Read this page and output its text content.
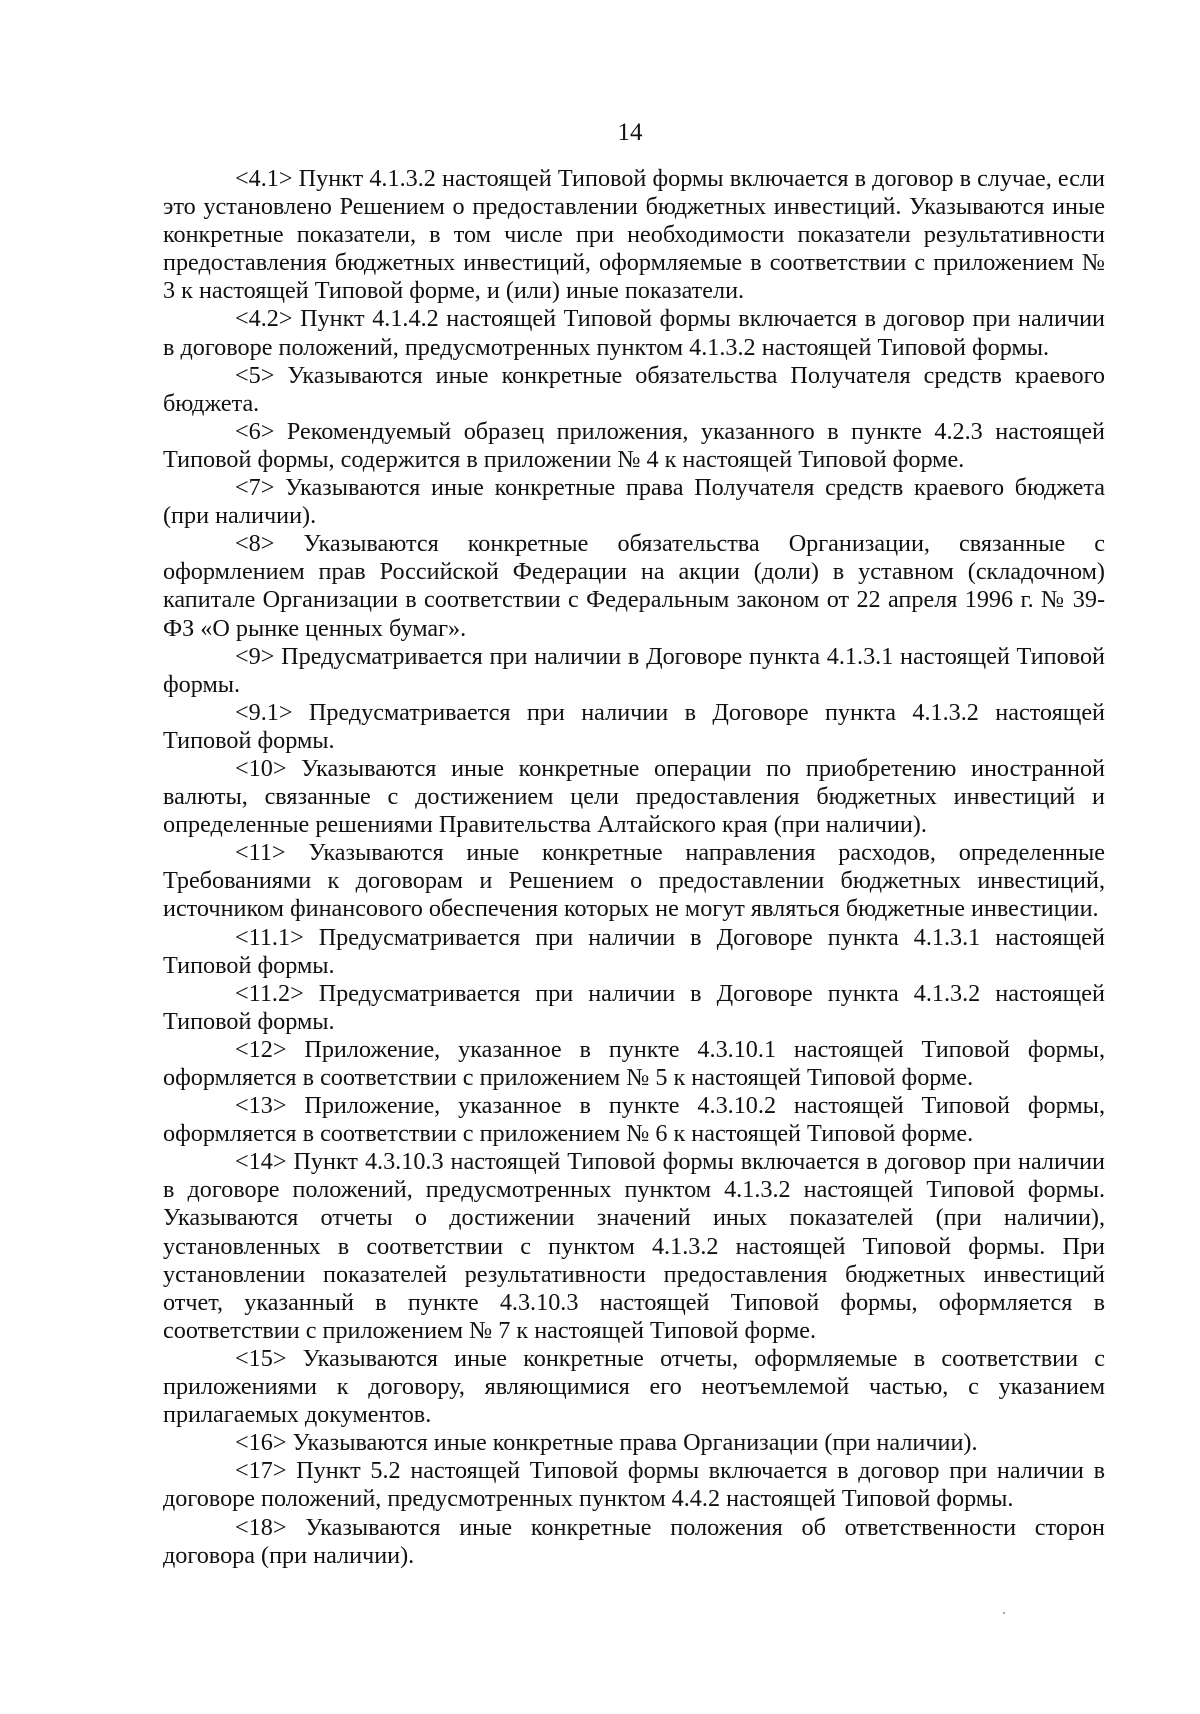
14

<4.1> Пункт 4.1.3.2 настоящей Типовой формы включается в договор в случае, если это установлено Решением о предоставлении бюджетных инвестиций. Указываются иные конкретные показатели, в том числе при необходимости показатели результативности предоставления бюджетных инвестиций, оформляемые в соответствии с приложением № 3 к настоящей Типовой форме, и (или) иные показатели.

<4.2> Пункт 4.1.4.2 настоящей Типовой формы включается в договор при наличии в договоре положений, предусмотренных пунктом 4.1.3.2 настоящей Типовой формы.

<5> Указываются иные конкретные обязательства Получателя средств краевого бюджета.

<6> Рекомендуемый образец приложения, указанного в пункте 4.2.3 настоящей Типовой формы, содержится в приложении № 4 к настоящей Типовой форме.

<7> Указываются иные конкретные права Получателя средств краевого бюджета (при наличии).

<8> Указываются конкретные обязательства Организации, связанные с оформлением прав Российской Федерации на акции (доли) в уставном (складочном) капитале Организации в соответствии с Федеральным законом от 22 апреля 1996 г. № 39-ФЗ «О рынке ценных бумаг».

<9> Предусматривается при наличии в Договоре пункта 4.1.3.1 настоящей Типовой формы.

<9.1> Предусматривается при наличии в Договоре пункта 4.1.3.2 настоящей Типовой формы.

<10> Указываются иные конкретные операции по приобретению иностранной валюты, связанные с достижением цели предоставления бюджетных инвестиций и определенные решениями Правительства Алтайского края (при наличии).

<11> Указываются иные конкретные направления расходов, определенные Требованиями к договорам и Решением о предоставлении бюджетных инвестиций, источником финансового обеспечения которых не могут являться бюджетные инвестиции.

<11.1> Предусматривается при наличии в Договоре пункта 4.1.3.1 настоящей Типовой формы.

<11.2> Предусматривается при наличии в Договоре пункта 4.1.3.2 настоящей Типовой формы.

<12> Приложение, указанное в пункте 4.3.10.1 настоящей Типовой формы, оформляется в соответствии с приложением № 5 к настоящей Типовой форме.

<13> Приложение, указанное в пункте 4.3.10.2 настоящей Типовой формы, оформляется в соответствии с приложением № 6 к настоящей Типовой форме.

<14> Пункт 4.3.10.3 настоящей Типовой формы включается в договор при наличии в договоре положений, предусмотренных пунктом 4.1.3.2 настоящей Типовой формы. Указываются отчеты о достижении значений иных показателей (при наличии), установленных в соответствии с пунктом 4.1.3.2 настоящей Типовой формы. При установлении показателей результативности предоставления бюджетных инвестиций отчет, указанный в пункте 4.3.10.3 настоящей Типовой формы, оформляется в соответствии с приложением № 7 к настоящей Типовой форме.

<15> Указываются иные конкретные отчеты, оформляемые в соответствии с приложениями к договору, являющимися его неотъемлемой частью, с указанием прилагаемых документов.

<16> Указываются иные конкретные права Организации (при наличии).

<17> Пункт 5.2 настоящей Типовой формы включается в договор при наличии в договоре положений, предусмотренных пунктом 4.4.2 настоящей Типовой формы.

<18> Указываются иные конкретные положения об ответственности сторон договора (при наличии).
